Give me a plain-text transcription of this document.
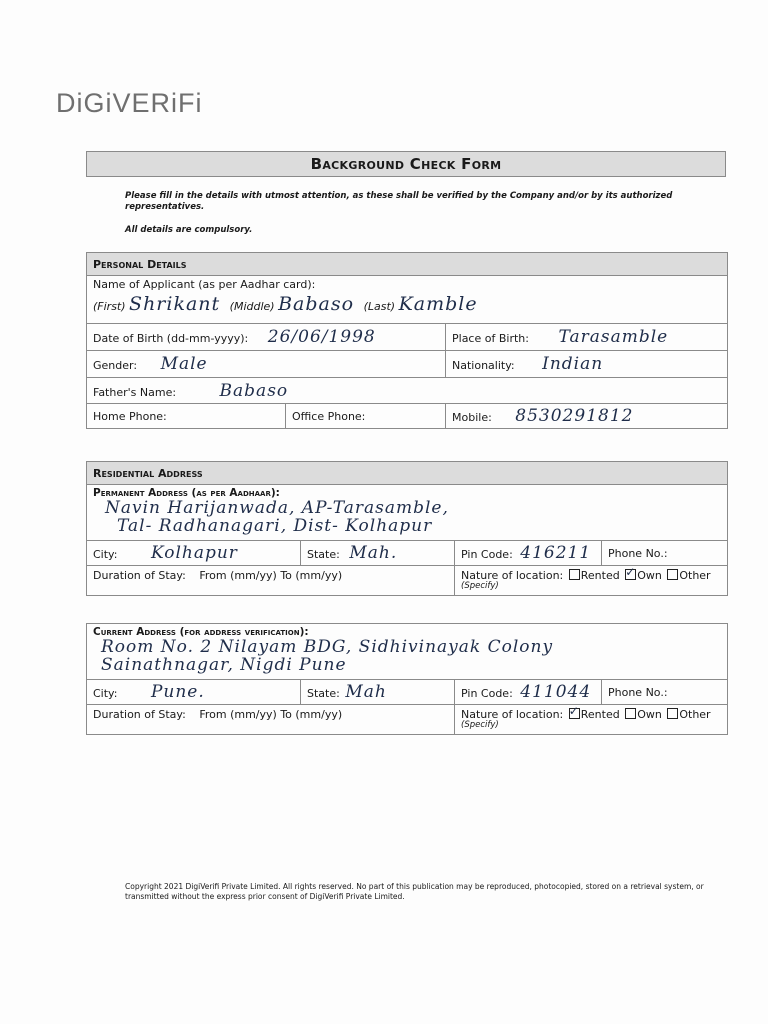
DiGiVERiFi
Background Check Form
Please fill in the details with utmost attention, as these shall be verified by the Company and/or by its authorized representatives.
All details are compulsory.
Personal Details		

Name of Applicant (as per Aadhar card):
(First) Shrikant (Middle) Babaso (Last) Kamble		

Date of Birth (dd-mm-yyyy): 26/06/1998		Place of Birth: Tarasamble
Gender: Male		Nationality: Indian
Father's Name: Babaso		
Home Phone:	Office Phone:	Mobile: 8530291812
Residential Address			

Permanent Address (as per Aadhaar):
Navin Harijanwada, AP-Tarasamble,
Tal- Radhanagari, Dist- Kolhapur			

City: Kolhapur	State: Mah.	Pin Code: 416211	Phone No.:
Duration of Stay: From (mm/yy) To (mm/yy)		Nature of location: Rented ✓ Own Other
(Specify)
Current Address (for address verification):
Room No. 2 Nilayam BDG, Sidhivinayak Colony
Sainathnagar, Nigdi Pune			

City: Pune.	State: Mah	Pin Code: 411044	Phone No.:
Duration of Stay: From (mm/yy) To (mm/yy)		Nature of location: ✓ Rented Own Other
(Specify)
Copyright 2021 DigiVerifi Private Limited. All rights reserved. No part of this publication may be reproduced, photocopied, stored on a retrieval system, or transmitted without the express prior consent of DigiVerifi Private Limited.
